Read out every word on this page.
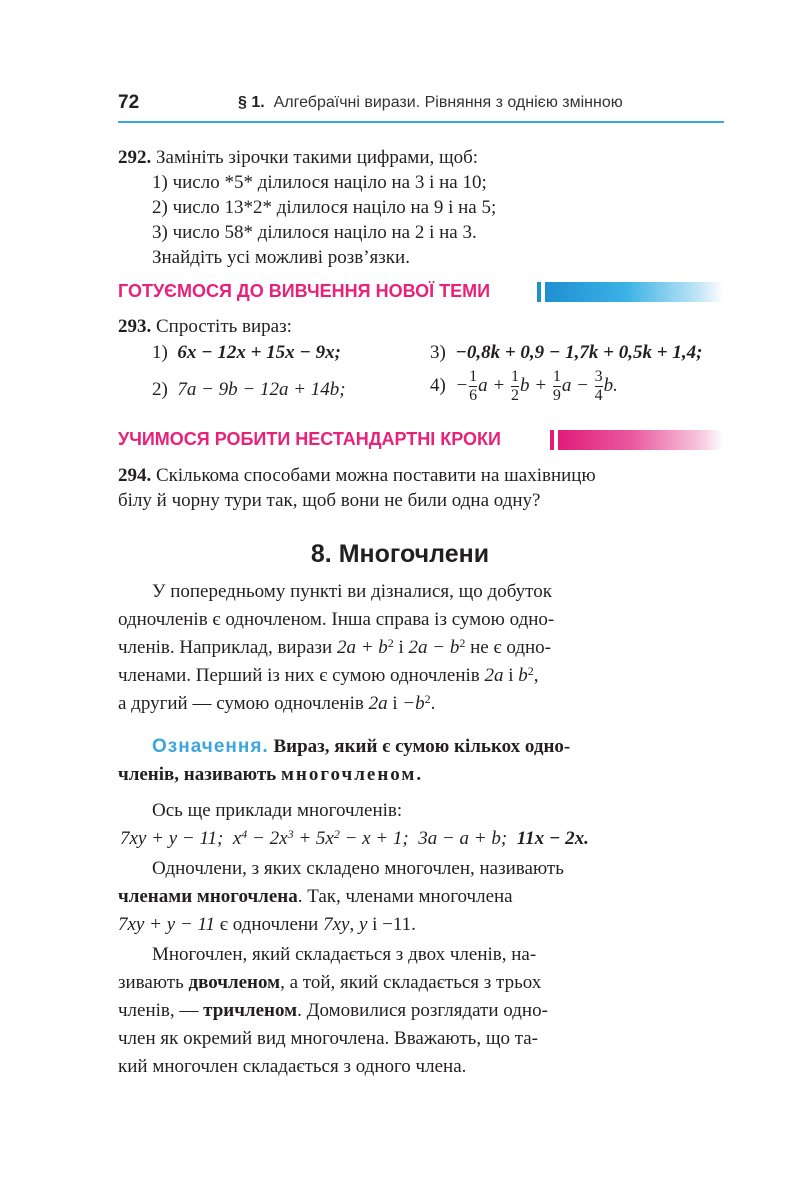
72	§ 1. Алгебраїчні вирази. Рівняння з однією змінною
292. Замініть зірочки такими цифрами, щоб:
1) число *5* ділилося націло на 3 і на 10;
2) число 13*2* ділилося націло на 9 і на 5;
3) число 58* ділилося націло на 2 і на 3.
Знайдіть усі можливі розв’язки.
ГОТУЄМОСЯ ДО ВИВЧЕННЯ НОВОЇ ТЕМИ
293. Спростіть вираз:
1) 6x − 12x + 15x − 9x;	3) −0,8k + 0,9 − 1,7k + 0,5k + 1,4;
2) 7a − 9b − 12a + 14b;	$4) - \frac{1}{6}$ $a + \frac{1}{2}$ $b + \frac{1}{9}$ $a - \frac{3}{4} b$.
УЧИМОСЯ РОБИТИ НЕСТАНДАРТНІ КРОКИ
294. Скількома способами можна поставити на шахівницю
білу й чорну тури так, щоб вони не били одна одну?
8. Многочлени
У попередньому пункті ви дізналися, що добуток
одночленів є одночленом. Інша справа із сумою одно-
членів. Наприклад, вирази $2a + b^2$ і $2a - b^2$ не є одно-
членами. Перший із них є сумою одночленів 2a і $b^2$,
а другий — сумою одночленів 2a $і -b^2$.
Означення. Вираз, який є сумою кількох одно-
членів, називають многочленом.
Ось ще приклади многочленів:
7xy + y − 11; $x^4 - 2x^3 + 5x^2 - x + 1$; 3a − a + b; 11x − 2x.
Одночлени, з яких складено многочлен, називають
членами многочлена. Так, членами многочлена
7xy + y − 11 є одночлени 7xy, y і −11.
Многочлен, який складається з двох членів, на-
зивають двочленом, а той, який складається з трьох
членів, — тричленом. Домовилися розглядати одно-
член як окремий вид многочлена. Вважають, що та-
кий многочлен складається з одного члена.
